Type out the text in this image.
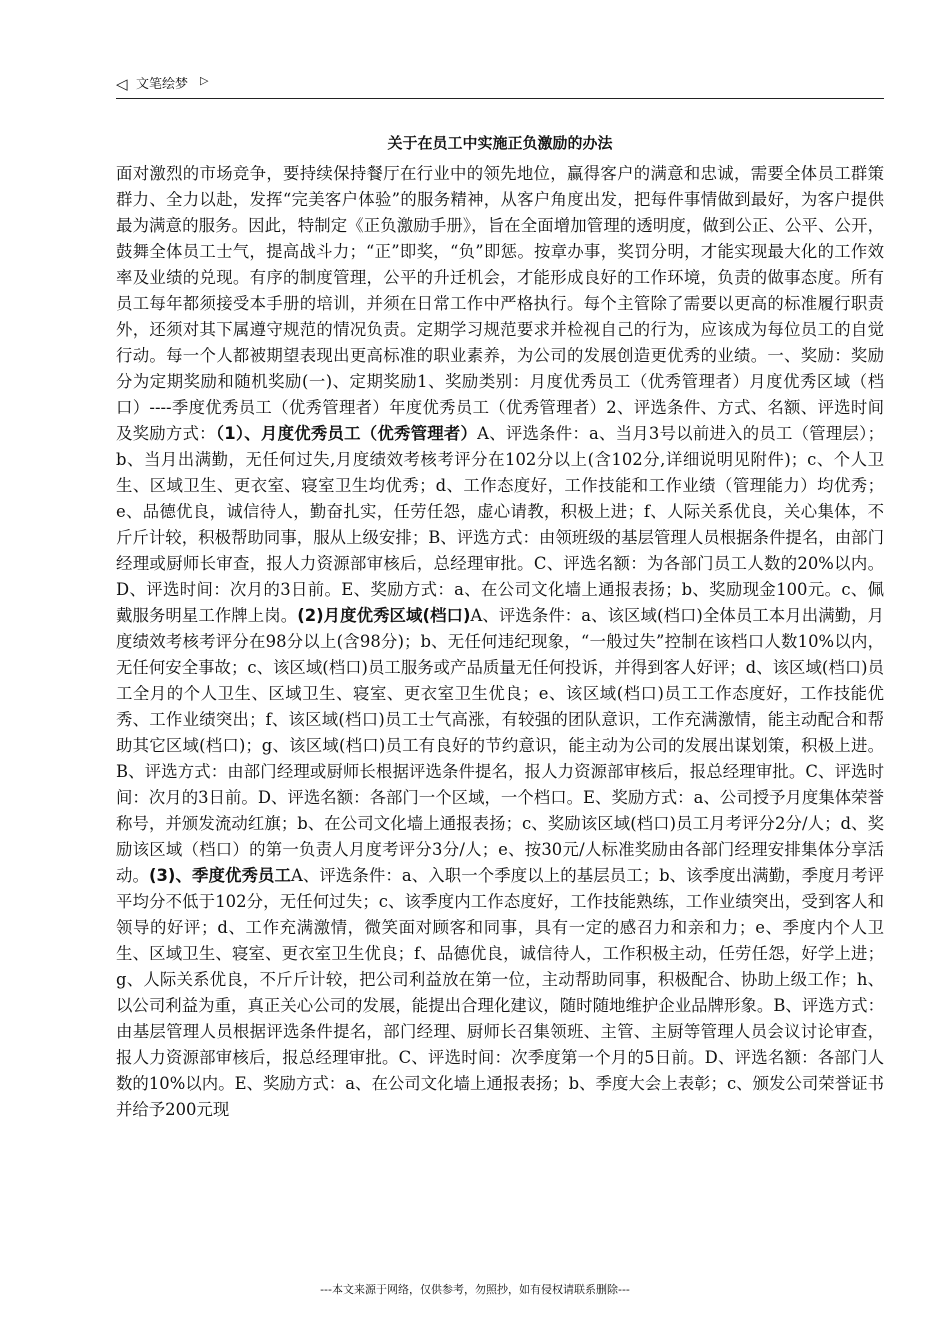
◁ 文笔绘梦 ▷
关于在员工中实施正负激励的办法
面对激烈的市场竞争，要持续保持餐厅在行业中的领先地位，赢得客户的满意和忠诚，需要全体员工群策群力、全力以赴，发挥“完美客户体验”的服务精神，从客户角度出发，把每件事情做到最好，为客户提供最为满意的服务。因此，特制定《正负激励手册》，旨在全面增加管理的透明度，做到公正、公平、公开，鼓舞全体员工士气，提高战斗力；“正”即奖，“负”即惩。按章办事，奖罚分明，才能实现最大化的工作效率及业绩的兑现。有序的制度管理，公平的升迁机会，才能形成良好的工作环境，负责的做事态度。所有员工每年都须接受本手册的培训，并须在日常工作中严格执行。每个主管除了需要以更高的标准履行职责外，还须对其下属遵守规范的情况负责。定期学习规范要求并检视自己的行为，应该成为每位员工的自觉行动。每一个人都被期望表现出更高标准的职业素养，为公司的发展创造更优秀的业绩。一、奖励：奖励分为定期奖励和随机奖励(一)、定期奖励1、奖励类别：月度优秀员工（优秀管理者）月度优秀区域（档口）----季度优秀员工（优秀管理者）年度优秀员工（优秀管理者）2、评选条件、方式、名额、评选时间及奖励方式：（1）、月度优秀员工（优秀管理者）A、评选条件：a、当月3号以前进入的员工（管理层）；b、当月出满勤，无任何过失,月度绩效考核考评分在102分以上(含102分,详细说明见附件)；c、个人卫生、区域卫生、更衣室、寝室卫生均优秀；d、工作态度好，工作技能和工作业绩（管理能力）均优秀；e、品德优良，诚信待人，勤奋扎实，任劳任怨，虚心请教，积极上进；f、人际关系优良，关心集体，不斤斤计较，积极帮助同事，服从上级安排；B、评选方式：由领班级的基层管理人员根据条件提名，由部门经理或厨师长审查，报人力资源部审核后，总经理审批。C、评选名额：为各部门员工人数的20%以内。D、评选时间：次月的3日前。E、奖励方式：a、在公司文化墙上通报表扬；b、奖励现金100元。c、佩戴服务明星工作牌上岗。(2)月度优秀区域(档口)A、评选条件：a、该区域(档口)全体员工本月出满勤，月度绩效考核考评分在98分以上(含98分)；b、无任何违纪现象，“一般过失”控制在该档口人数10%以内，无任何安全事故；c、该区域(档口)员工服务或产品质量无任何投诉，并得到客人好评；d、该区域(档口)员工全月的个人卫生、区域卫生、寝室、更衣室卫生优良；e、该区域(档口)员工工作态度好，工作技能优秀、工作业绩突出；f、该区域(档口)员工士气高涨，有较强的团队意识，工作充满激情，能主动配合和帮助其它区域(档口)；g、该区域(档口)员工有良好的节约意识，能主动为公司的发展出谋划策，积极上进。B、评选方式：由部门经理或厨师长根据评选条件提名，报人力资源部审核后，报总经理审批。C、评选时间：次月的3日前。D、评选名额：各部门一个区域，一个档口。E、奖励方式：a、公司授予月度集体荣誉称号，并颁发流动红旗；b、在公司文化墙上通报表扬；c、奖励该区域(档口)员工月考评分2分/人；d、奖励该区域（档口）的第一负责人月度考评分3分/人；e、按30元/人标准奖励由各部门经理安排集体分享活动。(3)、季度优秀员工A、评选条件：a、入职一个季度以上的基层员工；b、该季度出满勤，季度月考评平均分不低于102分，无任何过失；c、该季度内工作态度好，工作技能熟练，工作业绩突出，受到客人和领导的好评；d、工作充满激情，微笑面对顾客和同事，具有一定的感召力和亲和力；e、季度内个人卫生、区域卫生、寝室、更衣室卫生优良；f、品德优良，诚信待人，工作积极主动，任劳任怨，好学上进；g、人际关系优良，不斤斤计较，把公司利益放在第一位，主动帮助同事，积极配合、协助上级工作；h、以公司利益为重，真正关心公司的发展，能提出合理化建议，随时随地维护企业品牌形象。B、评选方式：由基层管理人员根据评选条件提名，部门经理、厨师长召集领班、主管、主厨等管理人员会议讨论审查，报人力资源部审核后，报总经理审批。C、评选时间：次季度第一个月的5日前。D、评选名额：各部门人数的10%以内。E、奖励方式：a、在公司文化墙上通报表扬；b、季度大会上表彰；c、颁发公司荣誉证书并给予200元现
---本文来源于网络，仅供参考，勿照抄，如有侵权请联系删除---
